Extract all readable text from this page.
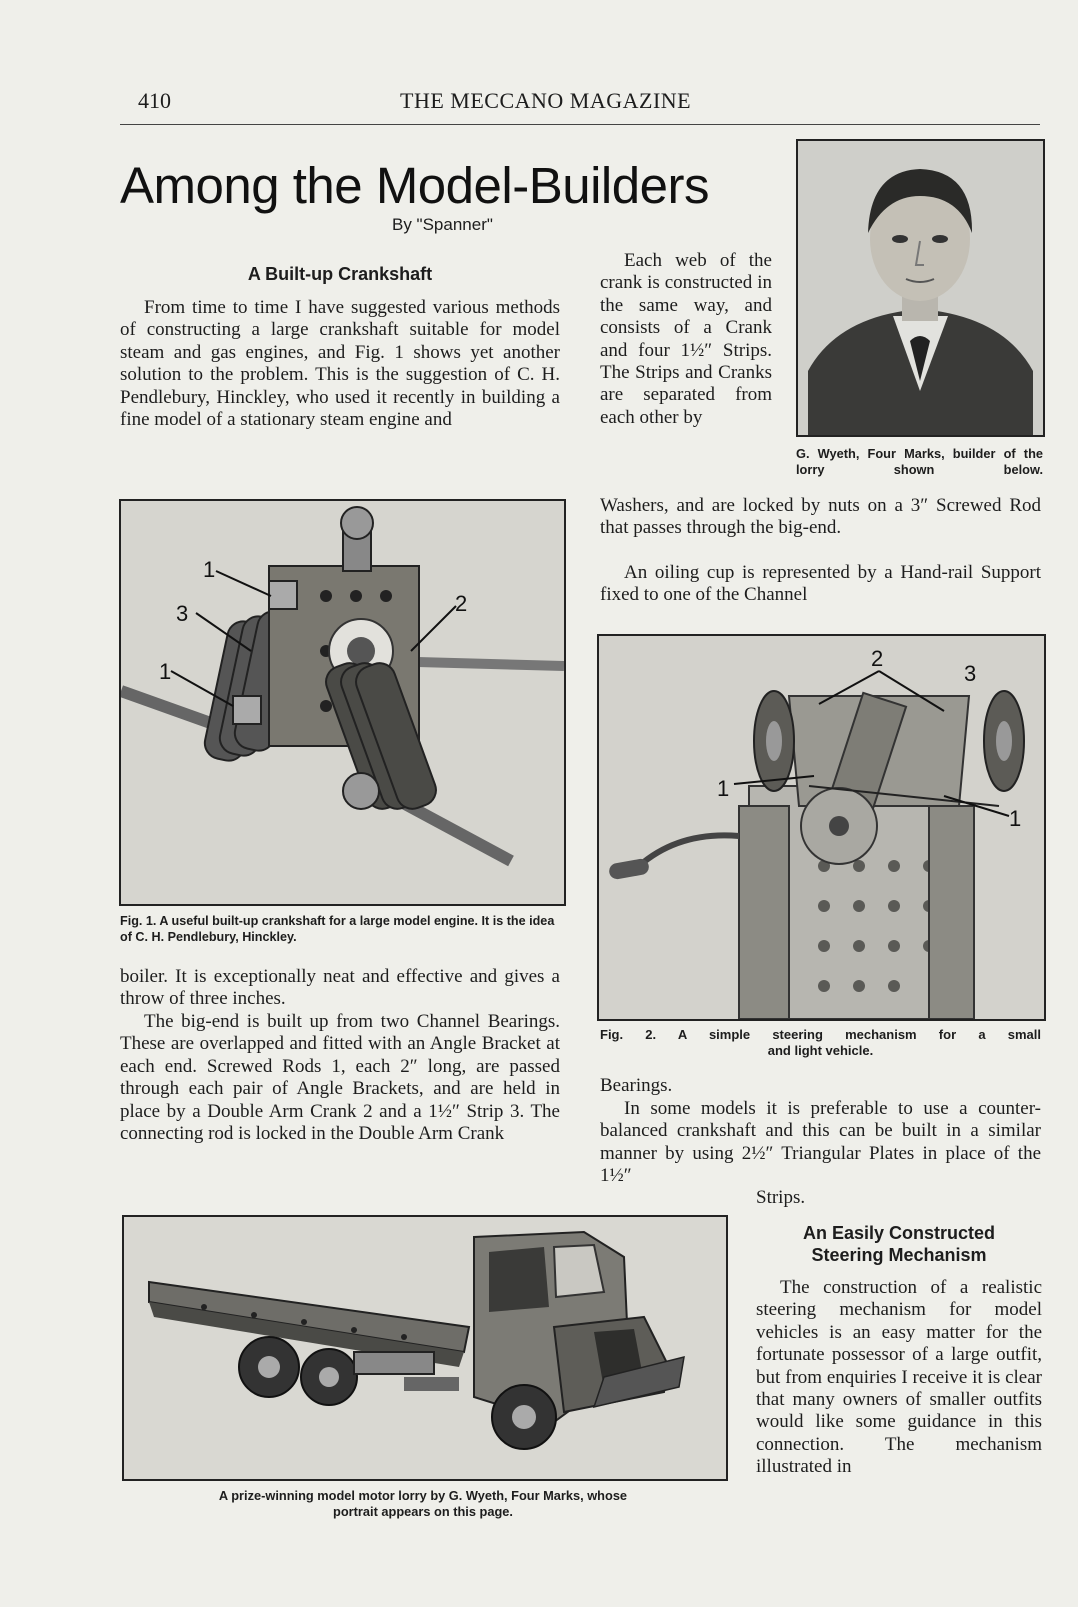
410	THE MECCANO MAGAZINE
Among the Model-Builders
By "Spanner"
G. Wyeth, Four Marks, builder of the lorry shown below.
A Built-up Crankshaft
From time to time I have suggested various methods of constructing a large crankshaft suitable for model steam and gas engines, and Fig. 1 shows yet another solution to the problem. This is the suggestion of C. H. Pendlebury, Hinckley, who used it recently in building a fine model of a stationary steam engine and
Each web of the crank is constructed in the same way, and consists of a Crank and four 1½″ Strips. The Strips and Cranks are separated from each other by
Washers, and are locked by nuts on a 3″ Screwed Rod that passes through the big-end.
An oiling cup is represented by a Hand-rail Support fixed to one of the Channel
1
3
1
2
Fig. 1. A useful built-up crankshaft for a large model engine. It is the idea of C. H. Pendlebury, Hinckley.
boiler. It is exceptionally neat and effective and gives a throw of three inches.
The big-end is built up from two Channel Bearings. These are overlapped and fitted with an Angle Bracket at each end. Screwed Rods 1, each 2″ long, are passed through each pair of Angle Brackets, and are held in place by a Double Arm Crank 2 and a 1½″ Strip 3. The connecting rod is locked in the Double Arm Crank
2
3
1
1
Fig. 2. A simple steering mechanism for a small
and light vehicle.
Bearings.
In some models it is preferable to use a counter-balanced crankshaft and this can be built in a similar manner by using 2½″ Triangular Plates in place of the 1½″
Strips.
An Easily Constructed
Steering Mechanism
The construction of a realistic steering mechanism for model vehicles is an easy matter for the fortunate possessor of a large outfit, but from enquiries I receive it is clear that many owners of smaller outfits would like some guidance in this connection. The mechanism illustrated in
A prize-winning model motor lorry by G. Wyeth, Four Marks, whose
portrait appears on this page.
